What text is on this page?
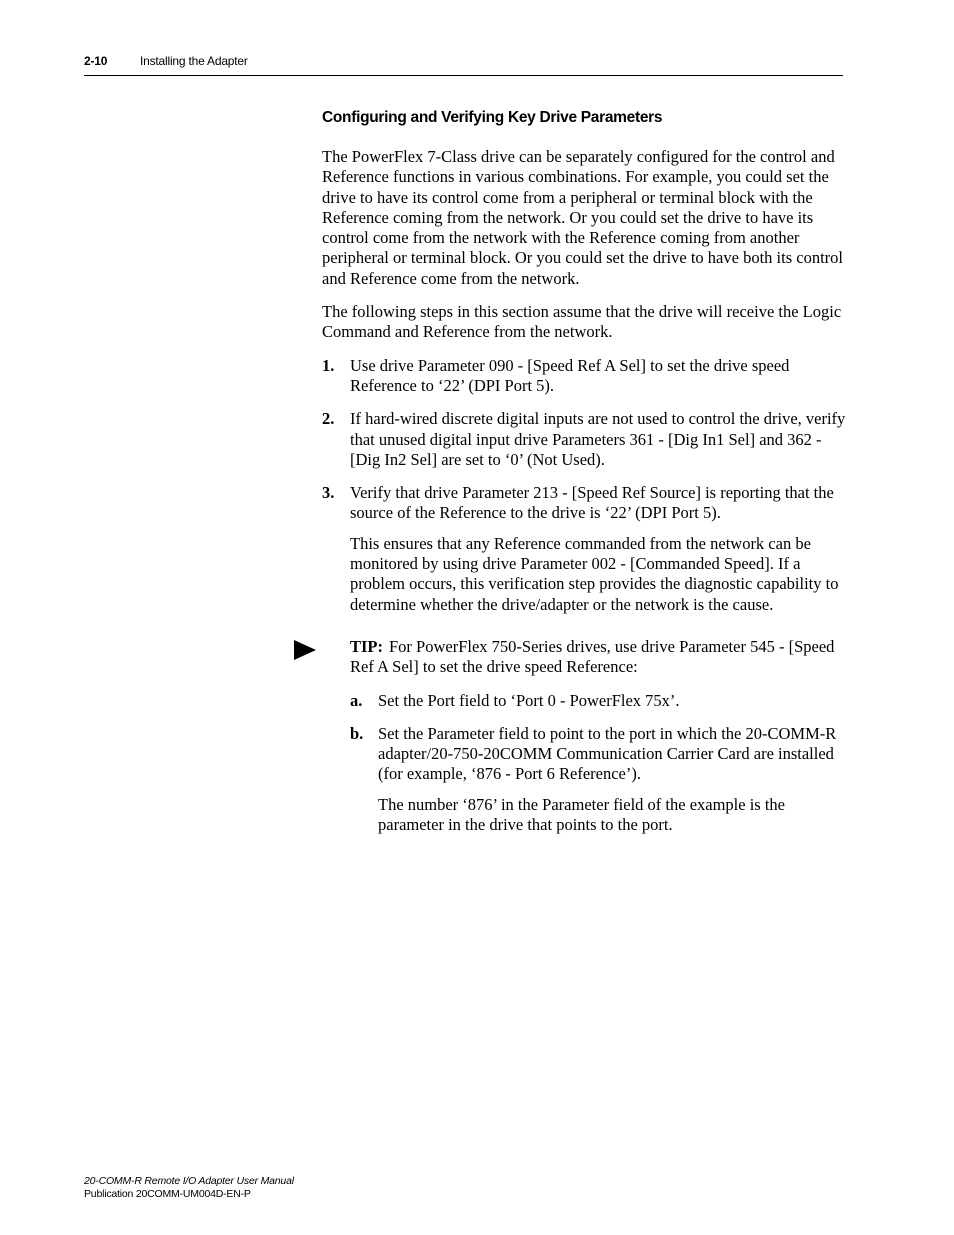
2-10	Installing the Adapter
Configuring and Verifying Key Drive Parameters

The PowerFlex 7-Class drive can be separately configured for the control and Reference functions in various combinations. For example, you could set the drive to have its control come from a peripheral or terminal block with the Reference coming from the network. Or you could set the drive to have its control come from the network with the Reference coming from another peripheral or terminal block. Or you could set the drive to have both its control and Reference come from the network.

The following steps in this section assume that the drive will receive the Logic Command and Reference from the network.

1. Use drive Parameter 090 - [Speed Ref A Sel] to set the drive speed Reference to ‘22’ (DPI Port 5).

2. If hard-wired discrete digital inputs are not used to control the drive, verify that unused digital input drive Parameters 361 - [Dig In1 Sel] and 362 - [Dig In2 Sel] are set to ‘0’ (Not Used).

3. Verify that drive Parameter 213 - [Speed Ref Source] is reporting that the source of the Reference to the drive is ‘22’ (DPI Port 5).

This ensures that any Reference commanded from the network can be monitored by using drive Parameter 002 - [Commanded Speed]. If a problem occurs, this verification step provides the diagnostic capability to determine whether the drive/adapter or the network is the cause.

TIP: For PowerFlex 750-Series drives, use drive Parameter 545 - [Speed Ref A Sel] to set the drive speed Reference:

a. Set the Port field to ‘Port 0 - PowerFlex 75x’.

b. Set the Parameter field to point to the port in which the 20-COMM-R adapter/20-750-20COMM Communication Carrier Card are installed (for example, ‘876 - Port 6 Reference’).

The number ‘876’ in the Parameter field of the example is the parameter in the drive that points to the port.

20-COMM-R Remote I/O Adapter User Manual
Publication 20COMM-UM004D-EN-P
